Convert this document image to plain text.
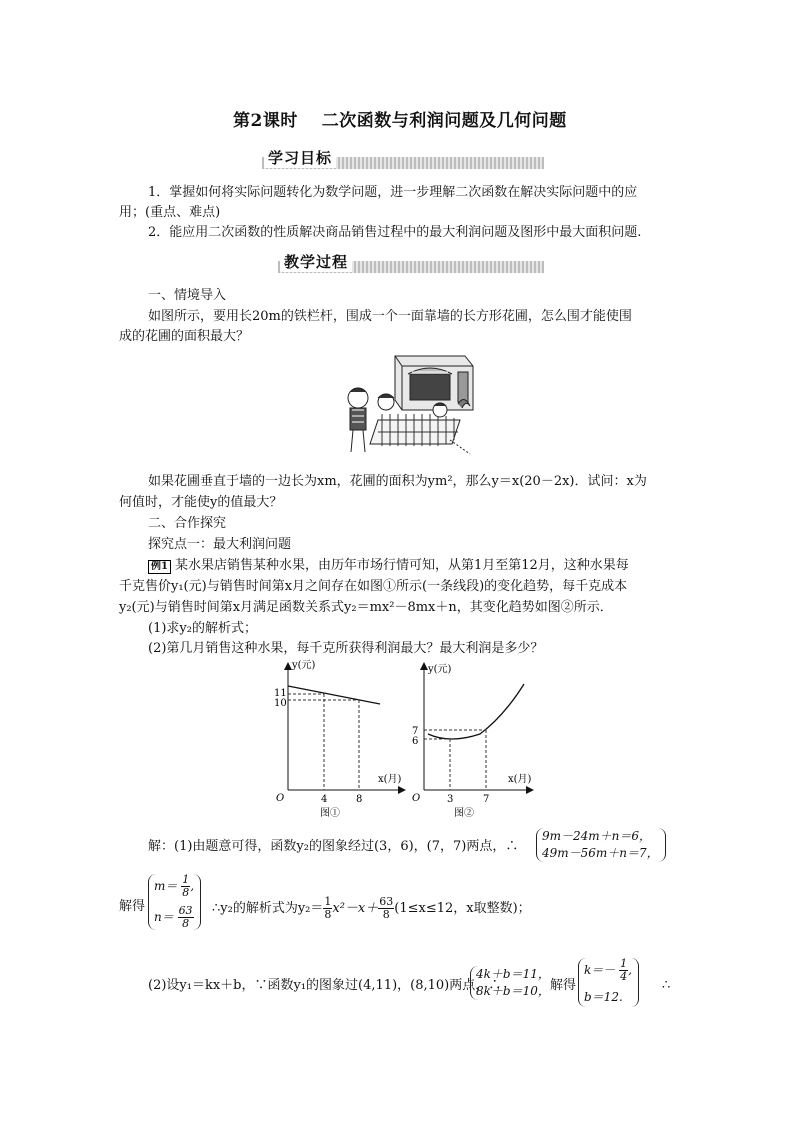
第2课时　 二次函数与利润问题及几何问题
学习目标
1．掌握如何将实际问题转化为数学问题，进一步理解二次函数在解决实际问题中的应
用；(重点、难点)
2．能应用二次函数的性质解决商品销售过程中的最大利润问题及图形中最大面积问题.
教学过程
一、情境导入
如图所示，要用长20m的铁栏杆，围成一个一面靠墙的长方形花圃，怎么围才能使围
成的花圃的面积最大？
如果花圃垂直于墙的一边长为xm，花圃的面积为ym²，那么y＝x(20－2x)．试问：x为
何值时，才能使y的值最大？
二、合作探究
探究点一：最大利润问题
例1 某水果店销售某种水果，由历年市场行情可知，从第1月至第12月，这种水果每
千克售价y₁(元)与销售时间第x月之间存在如图①所示(一条线段)的变化趋势，每千克成本
y₂(元)与销售时间第x月满足函数关系式y₂＝mx²－8mx＋n，其变化趋势如图②所示．
(1)求y₂的解析式；
(2)第几月销售这种水果，每千克所获得利润最大？最大利润是多少？
y(元)
x(月)
O
11
10
4	8
图①
y(元)
x(月)
O
7
6
3	7
图②
解：(1)由题意可得，函数y₂的图象经过(3，6)，(7，7)两点，∴
9m－24m＋n＝6，
49m－56m＋n＝7，
解得
$m= \frac{1}{8}$ ,
$n= \frac{63}{8}$ ∴y₂的解析式为$y_2= \frac{1}{8} x^2-x+ \frac{63}{8} (1\le x\le 12$，x取整数)；
(2)设y₁＝kx＋b，∵函数y₁的图象过(4,11)，(8,10)两点，∴
4k＋b＝11，
8k＋b＝10， 解得
$k=- \frac{1}{4}$ ,
b＝12.
∴
